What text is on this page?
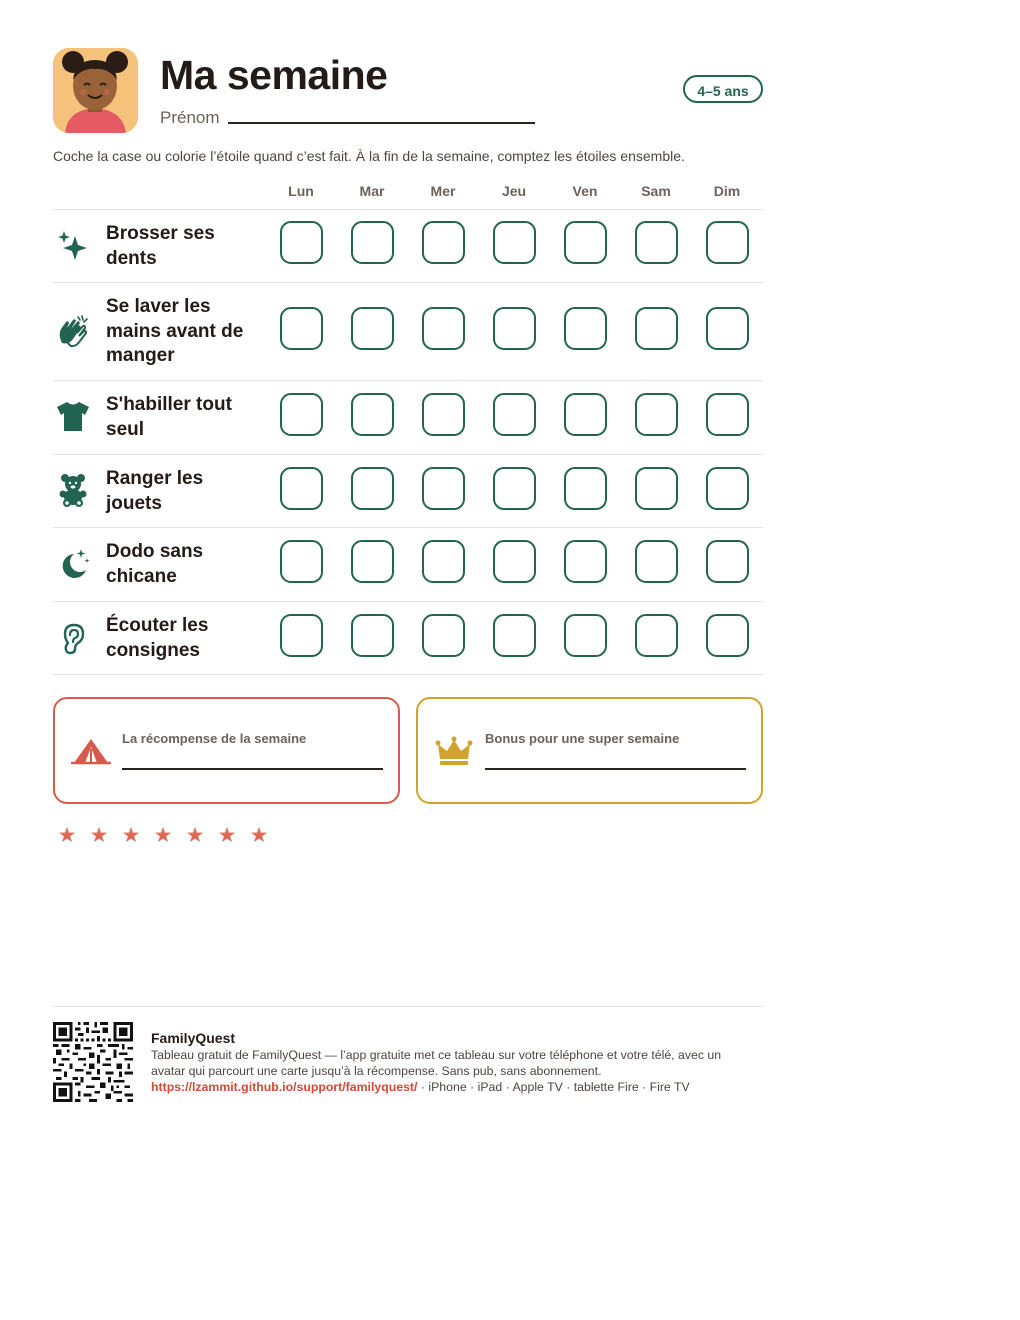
Ma semaine
Prénom
4–5 ans
Coche la case ou colorie l’étoile quand c’est fait. À la fin de la semaine, comptez les étoiles ensemble.
Lun	Mar	Mer	Jeu	Ven	Sam	Dim
Brosser ses dents
Se laver les mains avant de manger
S'habiller tout seul
Ranger les jouets
Dodo sans chicane
Écouter les consignes
La récompense de la semaine	Bonus pour une super semaine
★ ★ ★ ★ ★ ★ ★
FamilyQuest
Tableau gratuit de FamilyQuest — l’app gratuite met ce tableau sur votre téléphone et votre télé, avec un avatar qui parcourt une carte jusqu’à la récompense. Sans pub, sans abonnement.
https://lzammit.github.io/support/familyquest/ · iPhone · iPad · Apple TV · tablette Fire · Fire TV
